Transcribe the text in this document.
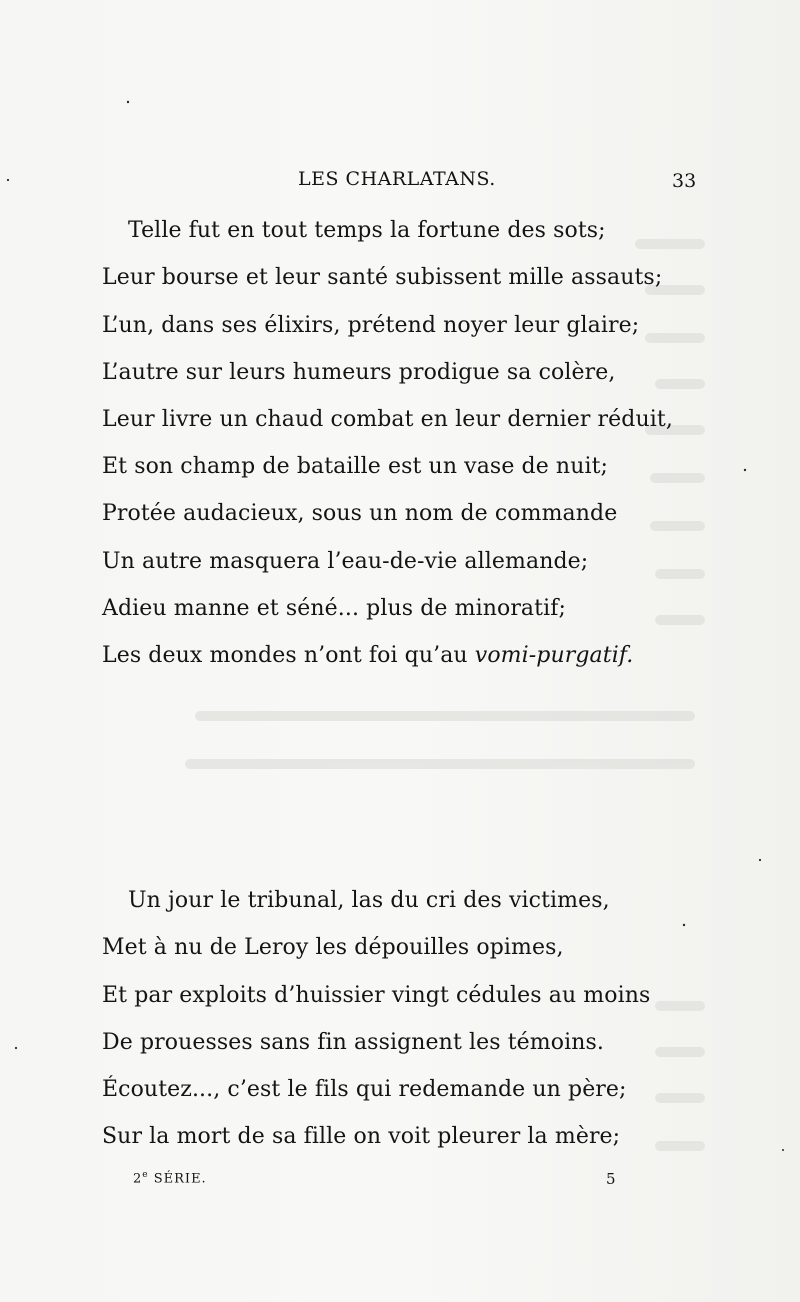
LES CHARLATANS.	33
Telle fut en tout temps la fortune des sots;
Leur bourse et leur santé subissent mille assauts;
L’un, dans ses élixirs, prétend noyer leur glaire;
L’autre sur leurs humeurs prodigue sa colère,
Leur livre un chaud combat en leur dernier réduit,
Et son champ de bataille est un vase de nuit;
Protée audacieux, sous un nom de commande
Un autre masquera l’eau-de-vie allemande;
Adieu manne et séné... plus de minoratif;
Les deux mondes n’ont foi qu’au vomi-purgatif.
Un jour le tribunal, las du cri des victimes,
Met à nu de Leroy les dépouilles opimes,
Et par exploits d’huissier vingt cédules au moins
De prouesses sans fin assignent les témoins.
Écoutez..., c’est le fils qui redemande un père;
Sur la mort de sa fille on voit pleurer la mère;
2e SÉRIE.	5
